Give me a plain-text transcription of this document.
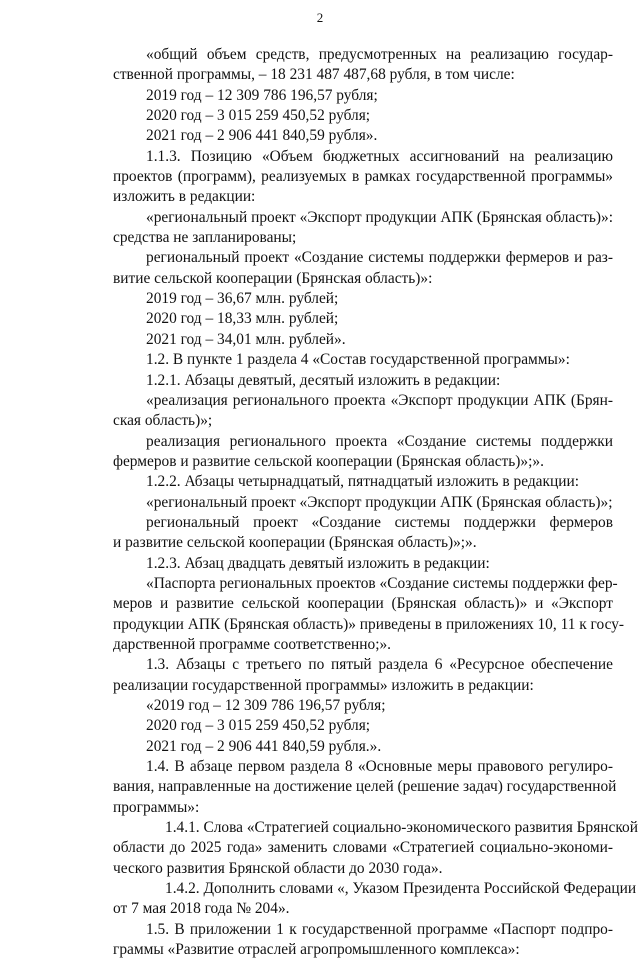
2
«общий объем средств, предусмотренных на реализацию государ-
ственной программы, – 18 231 487 487,68 рубля, в том числе:
2019 год – 12 309 786 196,57 рубля;
2020 год – 3 015 259 450,52 рубля;
2021 год – 2 906 441 840,59 рубля».
1.1.3. Позицию «Объем бюджетных ассигнований на реализацию
проектов (программ), реализуемых в рамках государственной программы»
изложить в редакции:
«региональный проект «Экспорт продукции АПК (Брянская область)»:
средства не запланированы;
региональный проект «Создание системы поддержки фермеров и раз-
витие сельской кооперации (Брянская область)»:
2019 год – 36,67 млн. рублей;
2020 год – 18,33 млн. рублей;
2021 год – 34,01 млн. рублей».
1.2. В пункте 1 раздела 4 «Состав государственной программы»:
1.2.1. Абзацы девятый, десятый изложить в редакции:
«реализация регионального проекта «Экспорт продукции АПК (Брян-
ская область)»;
реализация регионального проекта «Создание системы поддержки
фермеров и развитие сельской кооперации (Брянская область)»;».
1.2.2. Абзацы четырнадцатый, пятнадцатый изложить в редакции:
«региональный проект «Экспорт продукции АПК (Брянская область)»;
региональный проект «Создание системы поддержки фермеров
и развитие сельской кооперации (Брянская область)»;».
1.2.3. Абзац двадцать девятый изложить в редакции:
«Паспорта региональных проектов «Создание системы поддержки фер-
меров и развитие сельской кооперации (Брянская область)» и «Экспорт
продукции АПК (Брянская область)» приведены в приложениях 10, 11 к госу-
дарственной программе соответственно;».
1.3. Абзацы с третьего по пятый раздела 6 «Ресурсное обеспечение
реализации государственной программы» изложить в редакции:
«2019 год – 12 309 786 196,57 рубля;
2020 год – 3 015 259 450,52 рубля;
2021 год – 2 906 441 840,59 рубля.».
1.4. В абзаце первом раздела 8 «Основные меры правового регулиро-
вания, направленные на достижение целей (решение задач) государственной
программы»:
1.4.1. Слова «Стратегией социально-экономического развития Брянской
области до 2025 года» заменить словами «Стратегией социально-экономи-
ческого развития Брянской области до 2030 года».
1.4.2. Дополнить словами «, Указом Президента Российской Федерации
от 7 мая 2018 года № 204».
1.5. В приложении 1 к государственной программе «Паспорт подпро-
граммы «Развитие отраслей агропромышленного комплекса»:
